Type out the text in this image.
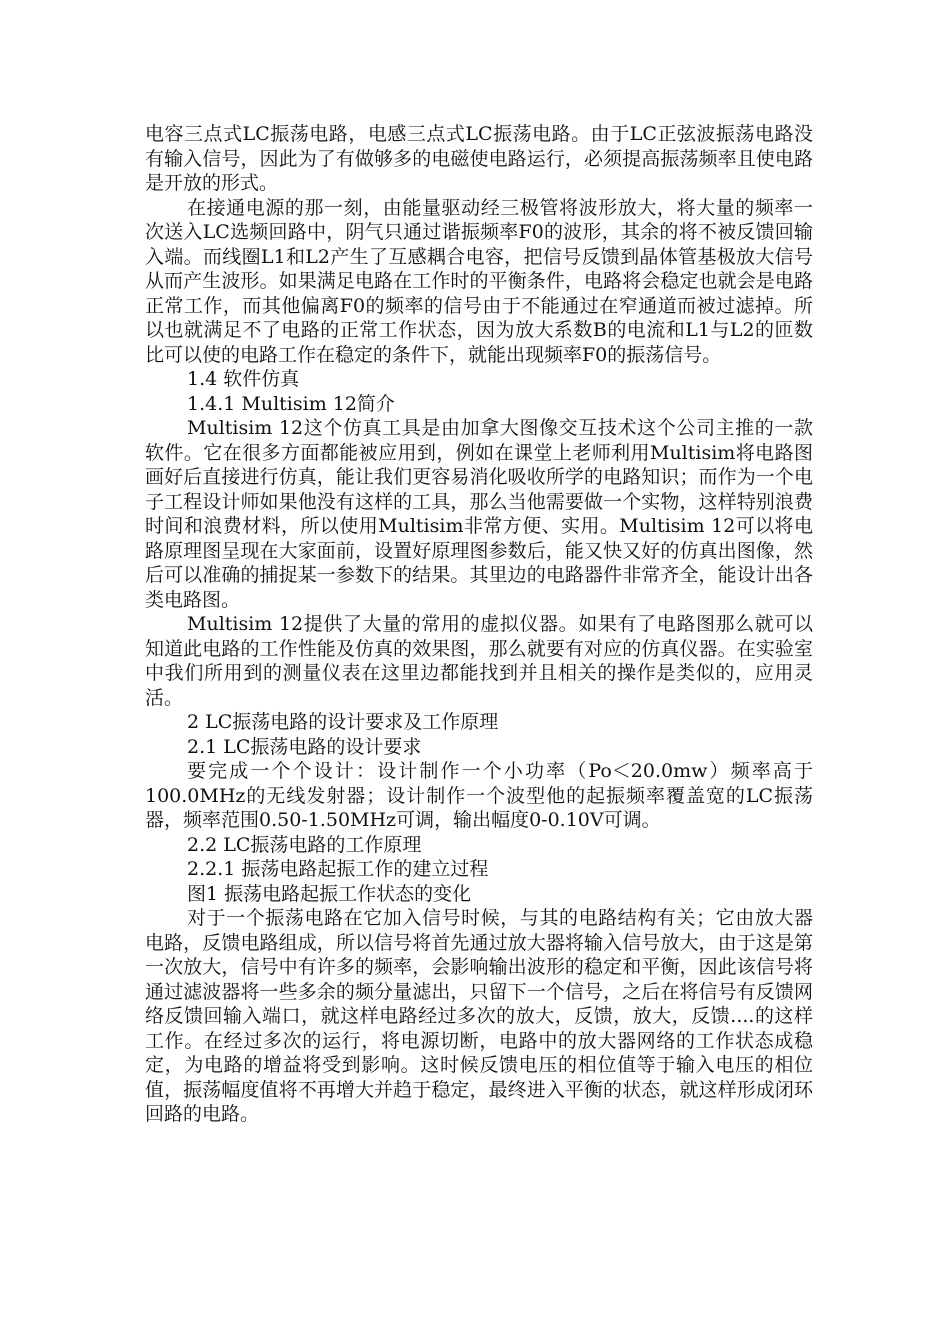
电容三点式LC振荡电路，电感三点式LC振荡电路。由于LC正弦波振荡电路没有输入信号，因此为了有做够多的电磁使电路运行，必须提高振荡频率且使电路是开放的形式。

在接通电源的那一刻，由能量驱动经三极管将波形放大，将大量的频率一次送入LC选频回路中，阴气只通过谐振频率F0的波形，其余的将不被反馈回输入端。而线圈L1和L2产生了互感耦合电容，把信号反馈到晶体管基极放大信号从而产生波形。如果满足电路在工作时的平衡条件，电路将会稳定也就会是电路正常工作，而其他偏离F0的频率的信号由于不能通过在窄通道而被过滤掉。所以也就满足不了电路的正常工作状态，因为放大系数B的电流和L1与L2的匝数比可以使的电路工作在稳定的条件下，就能出现频率F0的振荡信号。

1.4 软件仿真

1.4.1 Multisim 12简介

Multisim 12这个仿真工具是由加拿大图像交互技术这个公司主推的一款软件。它在很多方面都能被应用到，例如在课堂上老师利用Multisim将电路图画好后直接进行仿真，能让我们更容易消化吸收所学的电路知识；而作为一个电子工程设计师如果他没有这样的工具，那么当他需要做一个实物，这样特别浪费时间和浪费材料，所以使用Multisim非常方便、实用。Multisim 12可以将电路原理图呈现在大家面前，设置好原理图参数后，能又快又好的仿真出图像，然后可以准确的捕捉某一参数下的结果。其里边的电路器件非常齐全，能设计出各类电路图。

Multisim 12提供了大量的常用的虚拟仪器。如果有了电路图那么就可以知道此电路的工作性能及仿真的效果图，那么就要有对应的仿真仪器。在实验室中我们所用到的测量仪表在这里边都能找到并且相关的操作是类似的，应用灵活。

2 LC振荡电路的设计要求及工作原理

2.1 LC振荡电路的设计要求

要完成一个个设计：设计制作一个小功率（Po＜20.0mw）频率高于100.0MHz的无线发射器；设计制作一个波型他的起振频率覆盖宽的LC振荡器，频率范围0.50-1.50MHz可调，输出幅度0-0.10V可调。

2.2 LC振荡电路的工作原理

2.2.1 振荡电路起振工作的建立过程

图1 振荡电路起振工作状态的变化

对于一个振荡电路在它加入信号时候，与其的电路结构有关；它由放大器电路，反馈电路组成，所以信号将首先通过放大器将输入信号放大，由于这是第一次放大，信号中有许多的频率，会影响输出波形的稳定和平衡，因此该信号将通过滤波器将一些多余的频分量滤出，只留下一个信号，之后在将信号有反馈网络反馈回输入端口，就这样电路经过多次的放大，反馈，放大，反馈....的这样工作。在经过多次的运行，将电源切断，电路中的放大器网络的工作状态成稳定，为电路的增益将受到影响。这时候反馈电压的相位值等于输入电压的相位值，振荡幅度值将不再增大并趋于稳定，最终进入平衡的状态，就这样形成闭环回路的电路。
